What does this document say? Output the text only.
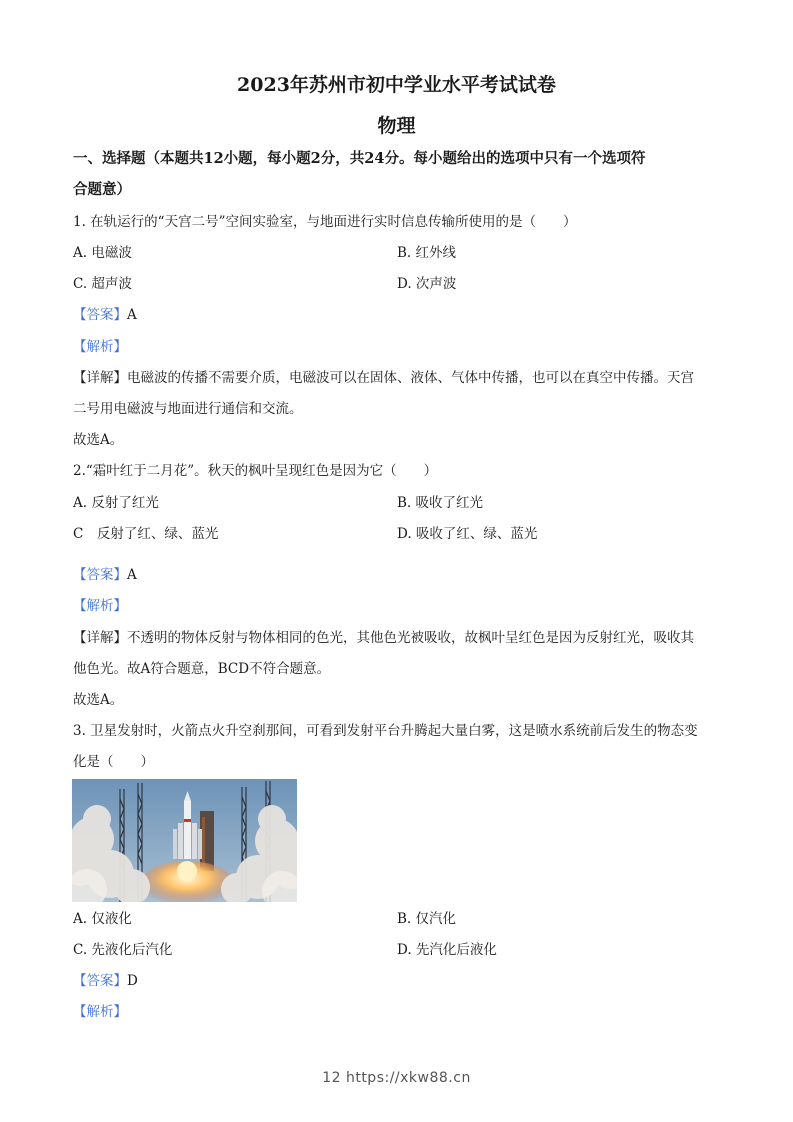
2023年苏州市初中学业水平考试试卷
物理
一、选择题（本题共12小题，每小题2分，共24分。每小题给出的选项中只有一个选项符
合题意）
1. 在轨运行的“天宫二号”空间实验室，与地面进行实时信息传输所使用的是（　　）
A. 电磁波	B. 红外线
C. 超声波	D. 次声波
【答案】A
【解析】
【详解】电磁波的传播不需要介质，电磁波可以在固体、液体、气体中传播，也可以在真空中传播。天宫
二号用电磁波与地面进行通信和交流。
故选A。
2.“霜叶红于二月花”。秋天的枫叶呈现红色是因为它（　　）
A. 反射了红光	B. 吸收了红光
C　反射了红、绿、蓝光	D. 吸收了红、绿、蓝光
【答案】A
【解析】
【详解】不透明的物体反射与物体相同的色光，其他色光被吸收，故枫叶呈红色是因为反射红光，吸收其
他色光。故A符合题意，BCD不符合题意。
故选A。
3. 卫星发射时，火箭点火升空刹那间，可看到发射平台升腾起大量白雾，这是喷水系统前后发生的物态变
化是（　　）
A. 仅液化	B. 仅汽化
C. 先液化后汽化	D. 先汽化后液化
【答案】D
【解析】
12 https://xkw88.cn
